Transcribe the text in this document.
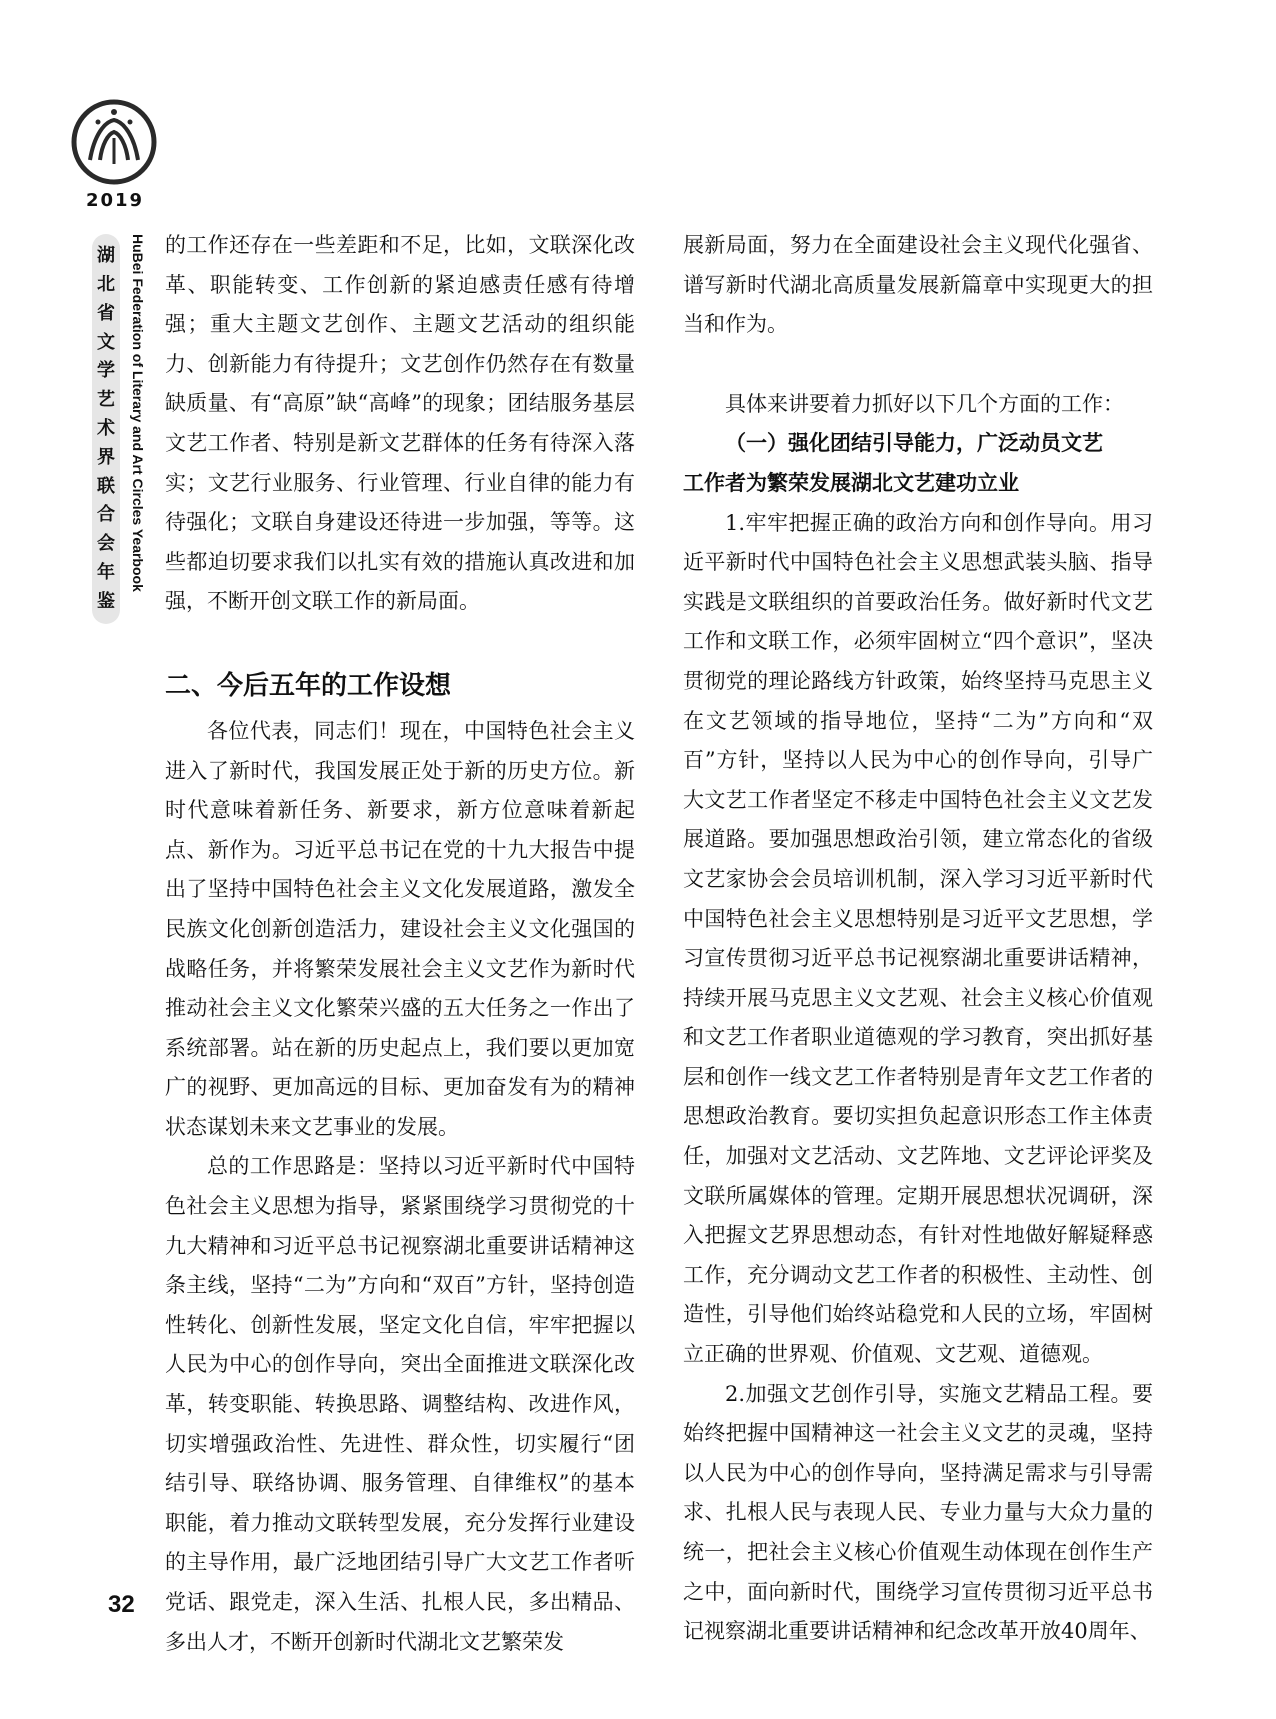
2019
湖
北
省
文
学
艺
术
界
联
合
会
年
鉴
HuBei Federation of Literary and Art Circles Yearbook 的工作还存在一些差距和不足，比如，文联深化改革、职能转变、工作创新的紧迫感责任感有待增强；重大主题文艺创作、主题文艺活动的组织能力、创新能力有待提升；文艺创作仍然存在有数量缺质量、有“高原”缺“高峰”的现象；团结服务基层文艺工作者、特别是新文艺群体的任务有待深入落实；文艺行业服务、行业管理、行业自律的能力有待强化；文联自身建设还待进一步加强，等等。这些都迫切要求我们以扎实有效的措施认真改进和加强，不断开创文联工作的新局面。

二、今后五年的工作设想

各位代表，同志们！现在，中国特色社会主义进入了新时代，我国发展正处于新的历史方位。新时代意味着新任务、新要求，新方位意味着新起点、新作为。习近平总书记在党的十九大报告中提出了坚持中国特色社会主义文化发展道路，激发全民族文化创新创造活力，建设社会主义文化强国的战略任务，并将繁荣发展社会主义文艺作为新时代推动社会主义文化繁荣兴盛的五大任务之一作出了系统部署。站在新的历史起点上，我们要以更加宽广的视野、更加高远的目标、更加奋发有为的精神状态谋划未来文艺事业的发展。

总的工作思路是：坚持以习近平新时代中国特色社会主义思想为指导，紧紧围绕学习贯彻党的十九大精神和习近平总书记视察湖北重要讲话精神这条主线，坚持“二为”方向和“双百”方针，坚持创造性转化、创新性发展，坚定文化自信，牢牢把握以人民为中心的创作导向，突出全面推进文联深化改革，转变职能、转换思路、调整结构、改进作风，切实增强政治性、先进性、群众性，切实履行“团结引导、联络协调、服务管理、自律维权”的基本职能，着力推动文联转型发展，充分发挥行业建设的主导作用，最广泛地团结引导广大文艺工作者听党话、跟党走，深入生活、扎根人民，多出精品、多出人才，不断开创新时代湖北文艺繁荣发

展新局面，努力在全面建设社会主义现代化强省、谱写新时代湖北高质量发展新篇章中实现更大的担当和作为。

具体来讲要着力抓好以下几个方面的工作：

（一）强化团结引导能力，广泛动员文艺
工作者为繁荣发展湖北文艺建功立业

1.牢牢把握正确的政治方向和创作导向。用习近平新时代中国特色社会主义思想武装头脑、指导实践是文联组织的首要政治任务。做好新时代文艺工作和文联工作，必须牢固树立“四个意识”，坚决贯彻党的理论路线方针政策，始终坚持马克思主义在文艺领域的指导地位，坚持“二为”方向和“双百”方针，坚持以人民为中心的创作导向，引导广大文艺工作者坚定不移走中国特色社会主义文艺发展道路。要加强思想政治引领，建立常态化的省级文艺家协会会员培训机制，深入学习习近平新时代中国特色社会主义思想特别是习近平文艺思想，学习宣传贯彻习近平总书记视察湖北重要讲话精神，持续开展马克思主义文艺观、社会主义核心价值观和文艺工作者职业道德观的学习教育，突出抓好基层和创作一线文艺工作者特别是青年文艺工作者的思想政治教育。要切实担负起意识形态工作主体责任，加强对文艺活动、文艺阵地、文艺评论评奖及文联所属媒体的管理。定期开展思想状况调研，深入把握文艺界思想动态，有针对性地做好解疑释惑工作，充分调动文艺工作者的积极性、主动性、创造性，引导他们始终站稳党和人民的立场，牢固树立正确的世界观、价值观、文艺观、道德观。

2.加强文艺创作引导，实施文艺精品工程。要始终把握中国精神这一社会主义文艺的灵魂，坚持以人民为中心的创作导向，坚持满足需求与引导需求、扎根人民与表现人民、专业力量与大众力量的统一，把社会主义核心价值观生动体现在创作生产之中，面向新时代，围绕学习宣传贯彻习近平总书记视察湖北重要讲话精神和纪念改革开放40周年、

32
